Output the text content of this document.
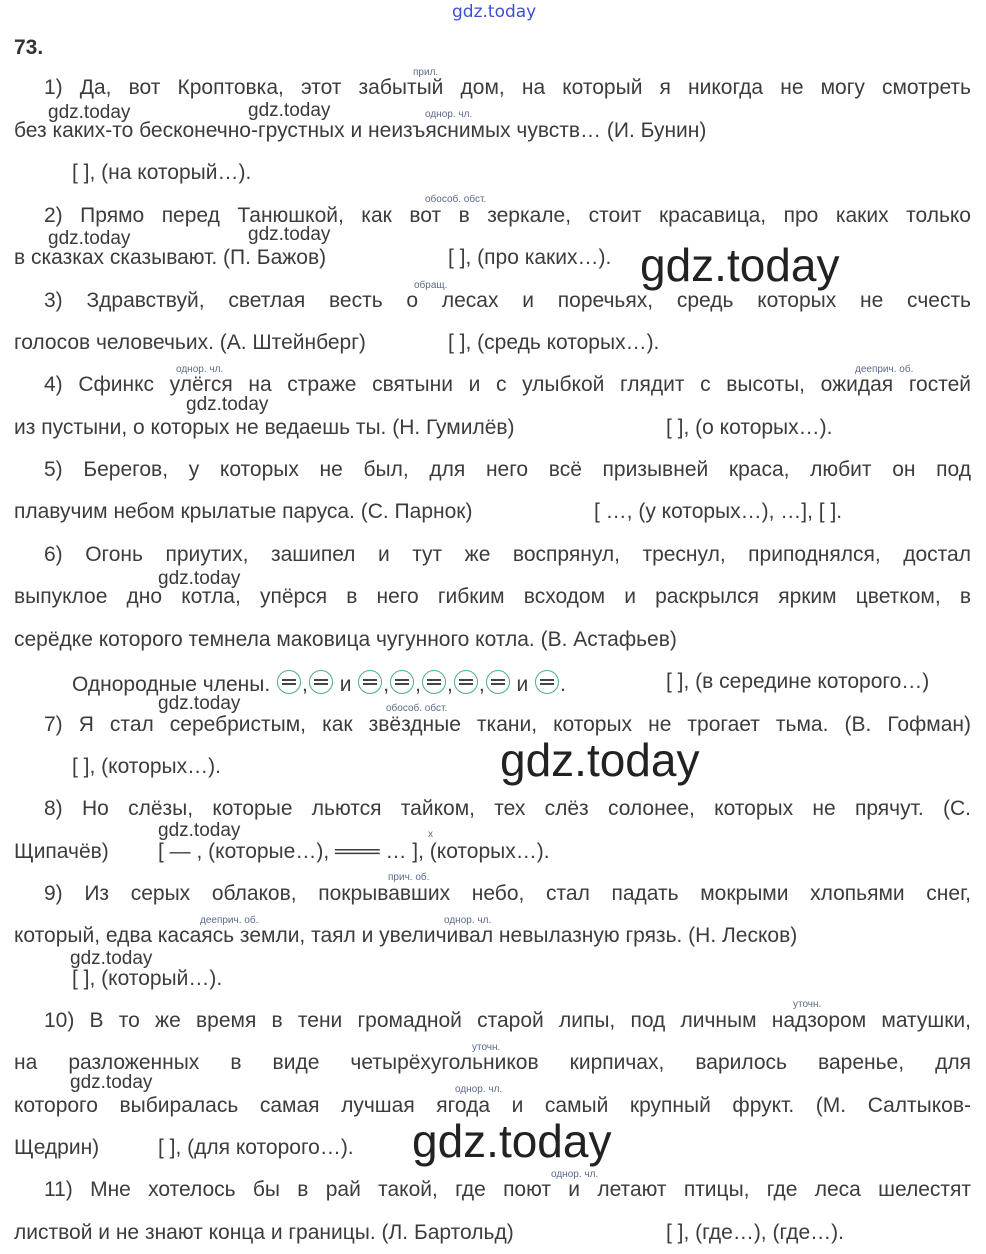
gdz.today
73.
прил.
1) Да, вот Кроптовка, этот забытый дом, на который я никогда не могу смотреть
однор. чл.
без каких-то бесконечно-грустных и неизъяснимых чувств… (И. Бунин)
[ ], (на который…).
обособ. обст.
2) Прямо перед Танюшкой, как вот в зеркале, стоит красавица, про каких только
в сказках сказывают. (П. Бажов)	[ ], (про каких…).
обращ.
3) Здравствуй, светлая весть о лесах и поречьях, средь которых не счесть
голосов человечьих. (А. Штейнберг)	[ ], (средь которых…).
однор. чл.	дееприч. об.
4) Сфинкс улёгся на страже святыни и с улыбкой глядит с высоты, ожидая гостей
из пустыни, о которых не ведаешь ты. (Н. Гумилёв)	[ ], (о которых…).
5) Берегов, у которых не был, для него всё призывней краса, любит он под
плавучим небом крылатые паруса. (С. Парнок)	[ …, (у которых…), …], [ ].
6) Огонь приутих, зашипел и тут же воспрянул, треснул, приподнялся, достал
выпуклое дно котла, упёрся в него гибким всходом и раскрылся ярким цветком, в
серёдке которого темнела маковица чугунного котла. (В. Астафьев)
Однородные члены. , и , , , , и .	[ ], (в середине которого…)
обособ. обст.
7) Я стал серебристым, как звёздные ткани, которых не трогает тьма. (В. Гофман)
[ ], (которых…).
8) Но слёзы, которые льются тайком, тех слёз солонее, которых не прячут. (С.
x
Щипачёв) [ — , (которые…), ═══ … ], (которых…).
прич. об.
9) Из серых облаков, покрывавших небо, стал падать мокрыми хлопьями снег,
дееприч. об.	однор. чл.
который, едва касаясь земли, таял и увеличивал невылазную грязь. (Н. Лесков)
[ ], (который…).
уточн.
10) В то же время в тени громадной старой липы, под личным надзором матушки,
уточн.
на разложенных в виде четырёхугольников кирпичах, варилось варенье, для
однор. чл.
которого выбиралась самая лучшая ягода и самый крупный фрукт. (М. Салтыков-
Щедрин)	[ ], (для которого…).
однор. чл.
11) Мне хотелось бы в рай такой, где поют и летают птицы, где леса шелестят
листвой и не знают конца и границы. (Л. Бартольд)	[ ], (где…), (где…).
gdz.today	gdz.today
gdz.today	gdz.today
gdz.today
gdz.today
gdz.today
gdz.today
gdz.today
gdz.today
gdz.today
gdz.today
gdz.today
